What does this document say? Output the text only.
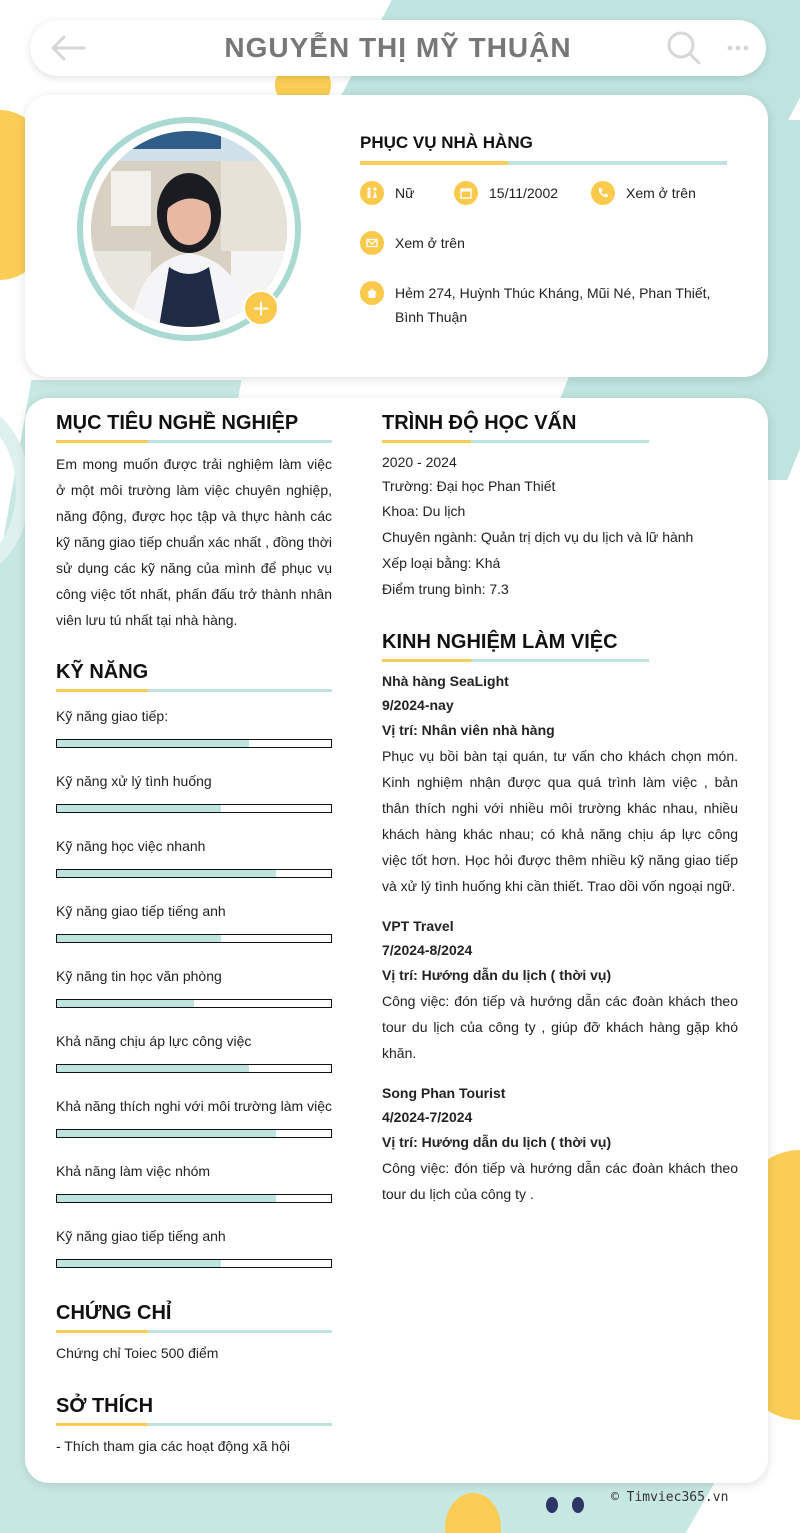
NGUYỄN THỊ MỸ THUẬN
+
PHỤC VỤ NHÀ HÀNG
Nữ	15/11/2002	Xem ở trên
Xem ở trên
Hẻm 274, Huỳnh Thúc Kháng, Mũi Né, Phan Thiết, Bình Thuận
MỤC TIÊU NGHỀ NGHIỆP
Em mong muốn được trải nghiệm làm việc ở một môi trường làm việc chuyên nghiệp, năng động, được học tập và thực hành các kỹ năng giao tiếp chuẩn xác nhất , đồng thời sử dụng các kỹ năng của mình để phục vụ công việc tốt nhất, phấn đấu trở thành nhân viên lưu tú nhất tại nhà hàng.
KỸ NĂNG
Kỹ năng giao tiếp:
Kỹ năng xử lý tình huống
Kỹ năng học việc nhanh
Kỹ năng giao tiếp tiếng anh
Kỹ năng tin học văn phòng
Khả năng chịu áp lực công việc
Khả năng thích nghi với môi trường làm việc
Khả năng làm việc nhóm
Kỹ năng giao tiếp tiếng anh
CHỨNG CHỈ
Chứng chỉ Toiec 500 điểm
SỞ THÍCH
- Thích tham gia các hoạt động xã hội
TRÌNH ĐỘ HỌC VẤN
2020 - 2024
Trường: Đại học Phan Thiết
Khoa: Du lịch
Chuyên ngành: Quản trị dịch vụ du lịch và lữ hành
Xếp loại bằng: Khá
Điểm trung bình: 7.3
KINH NGHIỆM LÀM VIỆC
Nhà hàng SeaLight
9/2024-nay
Vị trí: Nhân viên nhà hàng
Phục vụ bồi bàn tại quán, tư vấn cho khách chọn món. Kinh nghiệm nhận được qua quá trình làm việc , bản thân thích nghi với nhiều môi trường khác nhau, nhiều khách hàng khác nhau; có khả năng chịu áp lực công việc tốt hơn. Học hỏi được thêm nhiều kỹ năng giao tiếp và xử lý tình huống khi cần thiết. Trao dồi vốn ngoại ngữ.
VPT Travel
7/2024-8/2024
Vị trí: Hướng dẫn du lịch ( thời vụ)
Công việc: đón tiếp và hướng dẫn các đoàn khách theo tour du lịch của công ty , giúp đỡ khách hàng gặp khó khăn.
Song Phan Tourist
4/2024-7/2024
Vị trí: Hướng dẫn du lịch ( thời vụ)
Công việc: đón tiếp và hướng dẫn các đoàn khách theo tour du lịch của công ty .
© Timviec365.vn
